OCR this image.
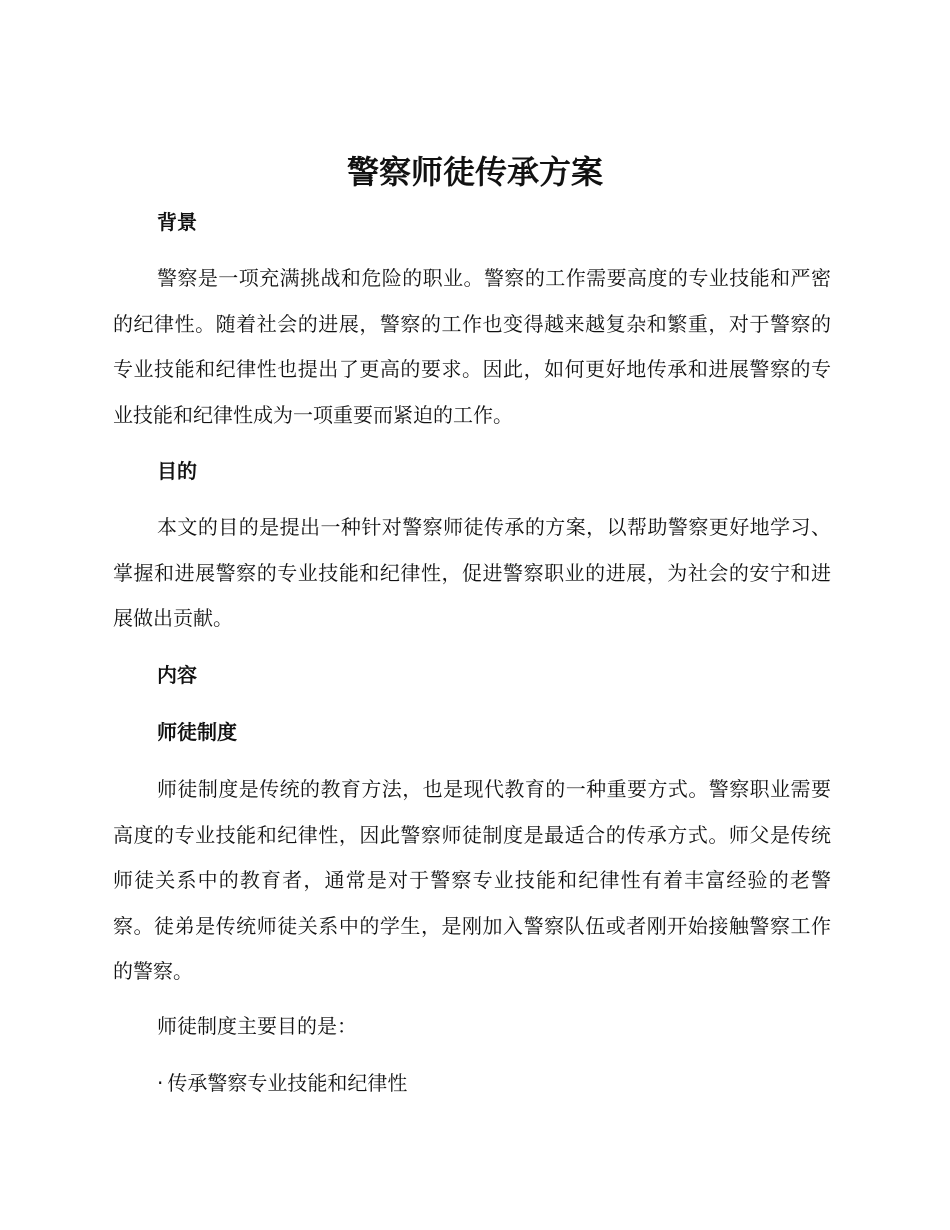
警察师徒传承方案
背景

警察是一项充满挑战和危险的职业。警察的工作需要高度的专业技能和严密的纪律性。随着社会的进展，警察的工作也变得越来越复杂和繁重，对于警察的专业技能和纪律性也提出了更高的要求。因此，如何更好地传承和进展警察的专业技能和纪律性成为一项重要而紧迫的工作。

目的

本文的目的是提出一种针对警察师徒传承的方案，以帮助警察更好地学习、掌握和进展警察的专业技能和纪律性，促进警察职业的进展，为社会的安宁和进展做出贡献。

内容
师徒制度

师徒制度是传统的教育方法，也是现代教育的一种重要方式。警察职业需要高度的专业技能和纪律性，因此警察师徒制度是最适合的传承方式。师父是传统师徒关系中的教育者，通常是对于警察专业技能和纪律性有着丰富经验的老警察。徒弟是传统师徒关系中的学生，是刚加入警察队伍或者刚开始接触警察工作的警察。

师徒制度主要目的是：

· 传承警察专业技能和纪律性
